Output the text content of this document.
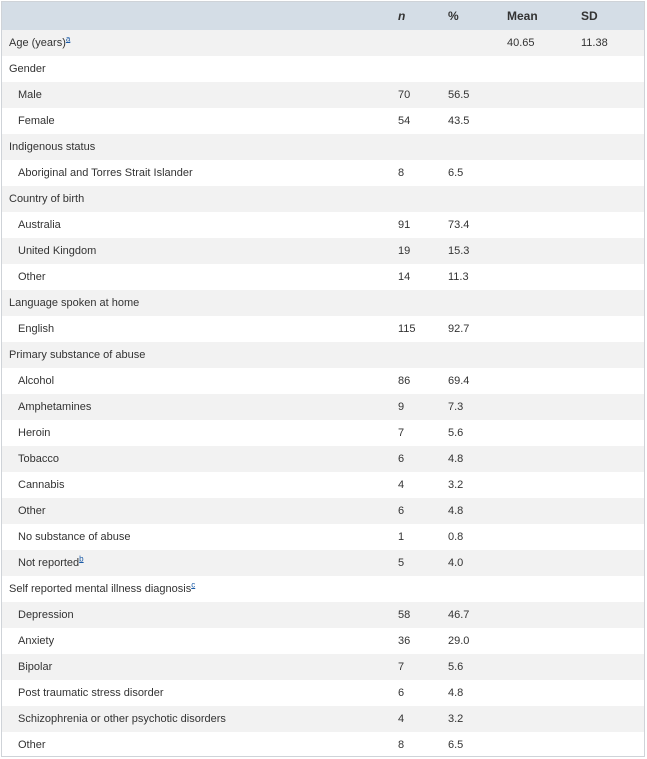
	n	%	Mean	SD
Age (years)$^a$			40.65	11.38
Gender				
Male	70	56.5		
Female	54	43.5		
Indigenous status				
Aboriginal and Torres Strait Islander	8	6.5		
Country of birth				
Australia	91	73.4		
United Kingdom	19	15.3		
Other	14	11.3		
Language spoken at home				
English	115	92.7		
Primary substance of abuse				
Alcohol	86	69.4		
Amphetamines	9	7.3		
Heroin	7	5.6		
Tobacco	6	4.8		
Cannabis	4	3.2		
Other	6	4.8		
No substance of abuse	1	0.8		
Not reported$^b$	5	4.0		
Self reported mental illness diagnosis$^c$				
Depression	58	46.7		
Anxiety	36	29.0		
Bipolar	7	5.6		
Post traumatic stress disorder	6	4.8		
Schizophrenia or other psychotic disorders	4	3.2		
Other	8	6.5		
